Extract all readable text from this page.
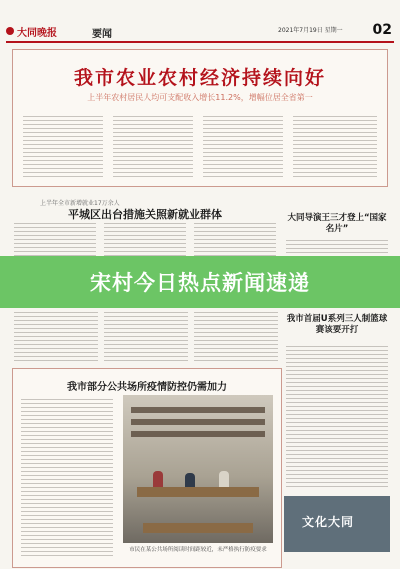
大同晚报	要闻	2021年7月19日 星期一 02
我市农业农村经济持续向好
上半年农村居民人均可支配收入增长11.2%，增幅位居全省第一
上半年全市新增就业17万余人
平城区出台措施关照新就业群体	大同导演王三才登上“国家名片”
宋村今日热点新闻速递
我市首届U系列三人制篮球赛该要开打
我市部分公共场所疫情防控仍需加力
市民在某公共场所阅读时间距较近，未严格执行防疫要求
文化大同
